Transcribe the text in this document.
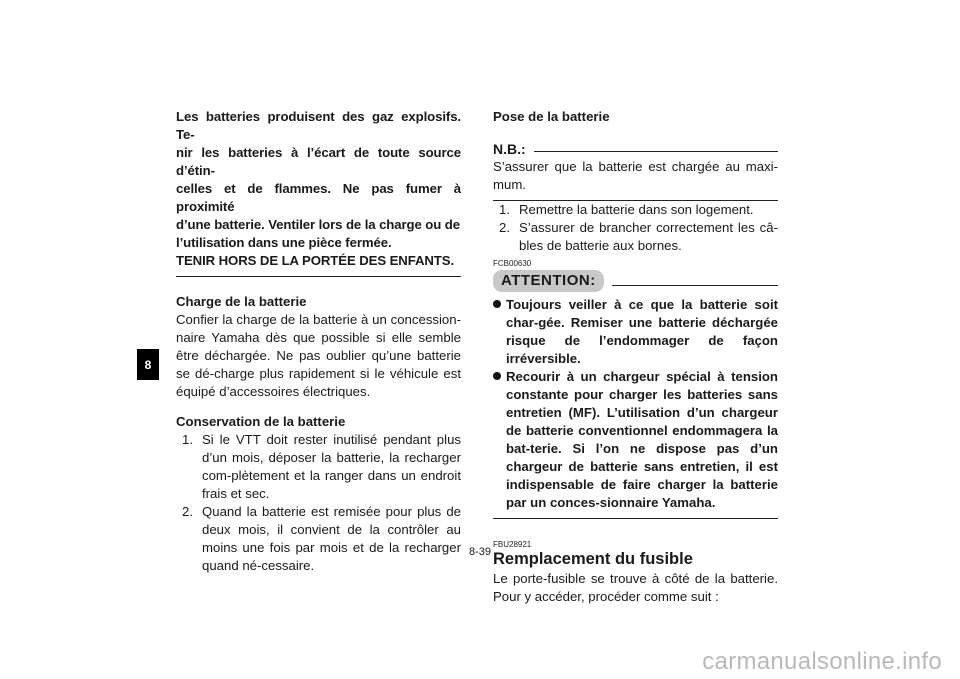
8
Les batteries produisent des gaz explosifs. Te-
nir les batteries à l’écart de toute source d’étin-
celles et de flammes. Ne pas fumer à proximité
d’une batterie. Ventiler lors de la charge ou de
l’utilisation dans une pièce fermée.
TENIR HORS DE LA PORTÉE DES ENFANTS.

Charge de la batterie

Confier la charge de la batterie à un concession-naire Yamaha dès que possible si elle semble être déchargée. Ne pas oublier qu’une batterie se dé-charge plus rapidement si le véhicule est équipé d’accessoires électriques.

Conservation de la batterie

1. Si le VTT doit rester inutilisé pendant plus d’un mois, déposer la batterie, la recharger com-plètement et la ranger dans un endroit frais et sec.
2. Quand la batterie est remisée pour plus de deux mois, il convient de la contrôler au moins une fois par mois et de la recharger quand né-cessaire.

Pose de la batterie

N.B.:

S’assurer que la batterie est chargée au maxi-mum.

1. Remettre la batterie dans son logement.
2. S’assurer de brancher correctement les câ-bles de batterie aux bornes.
FCB00630
ATTENTION:
Toujours veiller à ce que la batterie soit char-gée. Remiser une batterie déchargée risque de l’endommager de façon irréversible.
Recourir à un chargeur spécial à tension constante pour charger les batteries sans entretien (MF). L’utilisation d’un chargeur de batterie conventionnel endommagera la bat-terie. Si l’on ne dispose pas d’un chargeur de batterie sans entretien, il est indispensable de faire charger la batterie par un conces-sionnaire Yamaha.
FBU28921
Remplacement du fusible

Le porte-fusible se trouve à côté de la batterie. Pour y accéder, procéder comme suit :

8-39
carmanualsonline.info
